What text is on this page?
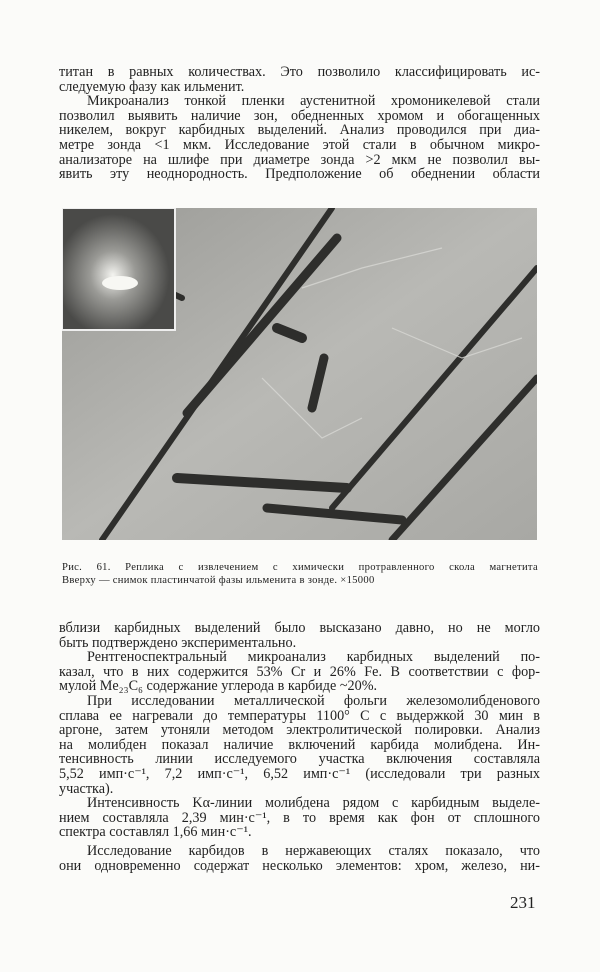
титан в равных количествах. Это позволило классифицировать ис-
следуемую фазу как ильменит.
Микроанализ тонкой пленки аустенитной хромоникелевой стали
позволил выявить наличие зон, обедненных хромом и обогащенных
никелем, вокруг карбидных выделений. Анализ проводился при диа-
метре зонда <1 мкм. Исследование этой стали в обычном микро-
анализаторе на шлифе при диаметре зонда >2 мкм не позволил вы-
явить эту неоднородность. Предположение об обеднении области
Рис. 61. Реплика с извлечением с химически протравленного скола магнетита
Вверху — снимок пластинчатой фазы ильменита в зонде. ×15000
вблизи карбидных выделений было высказано давно, но не могло
быть подтверждено экспериментально.
Рентгеноспектральный микроанализ карбидных выделений по-
казал, что в них содержится 53% Cr и 26% Fe. В соответствии с фор-
мулой Me₂₃C₆ содержание углерода в карбиде ~20%.
При исследовании металлической фольги железомолибденового
сплава ее нагревали до температуры 1100° С с выдержкой 30 мин в
аргоне, затем утоняли методом электролитической полировки. Анализ
на молибден показал наличие включений карбида молибдена. Ин-
тенсивность линии исследуемого участка включения составляла
5,52 имп·с⁻¹, 7,2 имп·с⁻¹, 6,52 имп·с⁻¹ (исследовали три разных
участка).
Интенсивность Kα-линии молибдена рядом с карбидным выделе-
нием составляла 2,39 мин·с⁻¹, в то время как фон от сплошного
спектра составлял 1,66 мин·с⁻¹.
Исследование карбидов в нержавеющих сталях показало, что
они одновременно содержат несколько элементов: хром, железо, ни-
231
